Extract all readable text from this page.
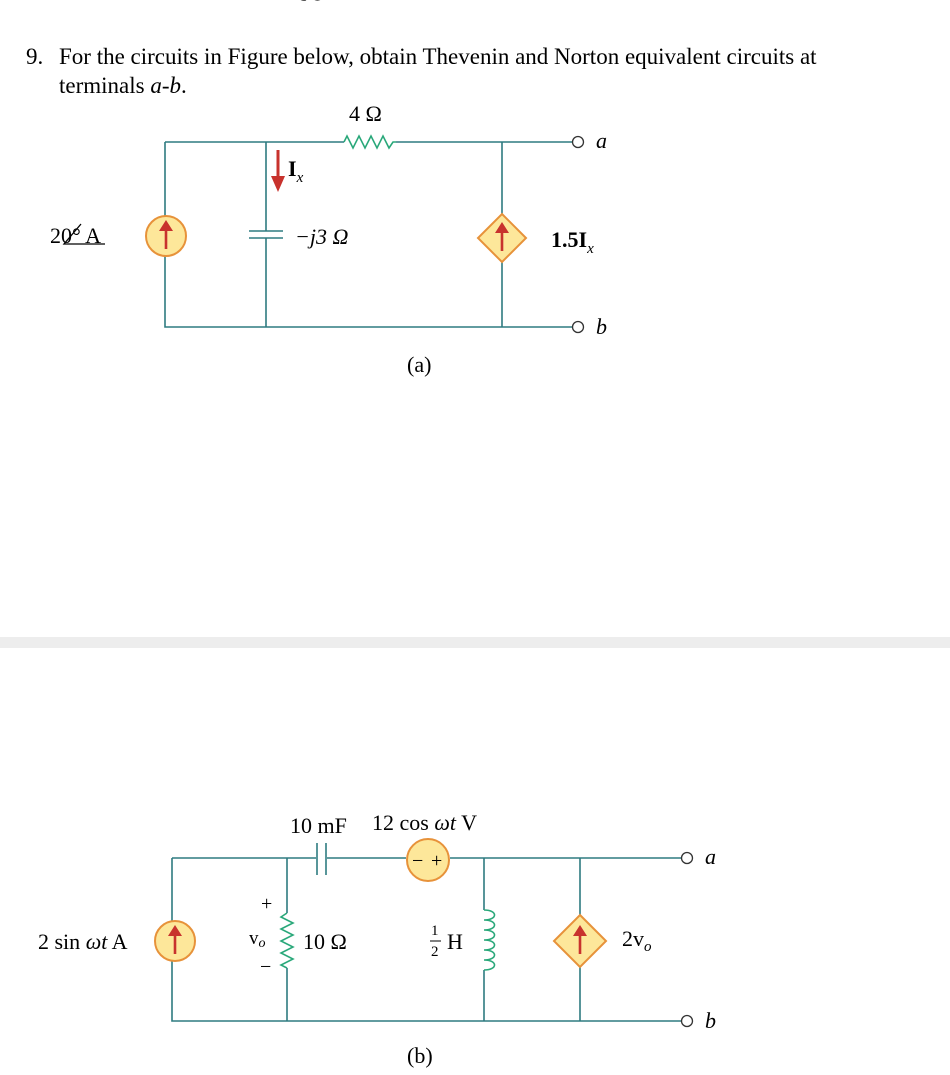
9. For the circuits in Figure below, obtain Thevenin and Norton equivalent circuits at terminals a-b.
4 Ω
$I_x$
20° A	−j3 Ω	$1.5I_x$
a
b
(a)
− +
10 mF 12 cos ωt V
2 sin ωt A
+
vo
−
10 Ω	1
2 H	$2v_o$
a
b
(b)
